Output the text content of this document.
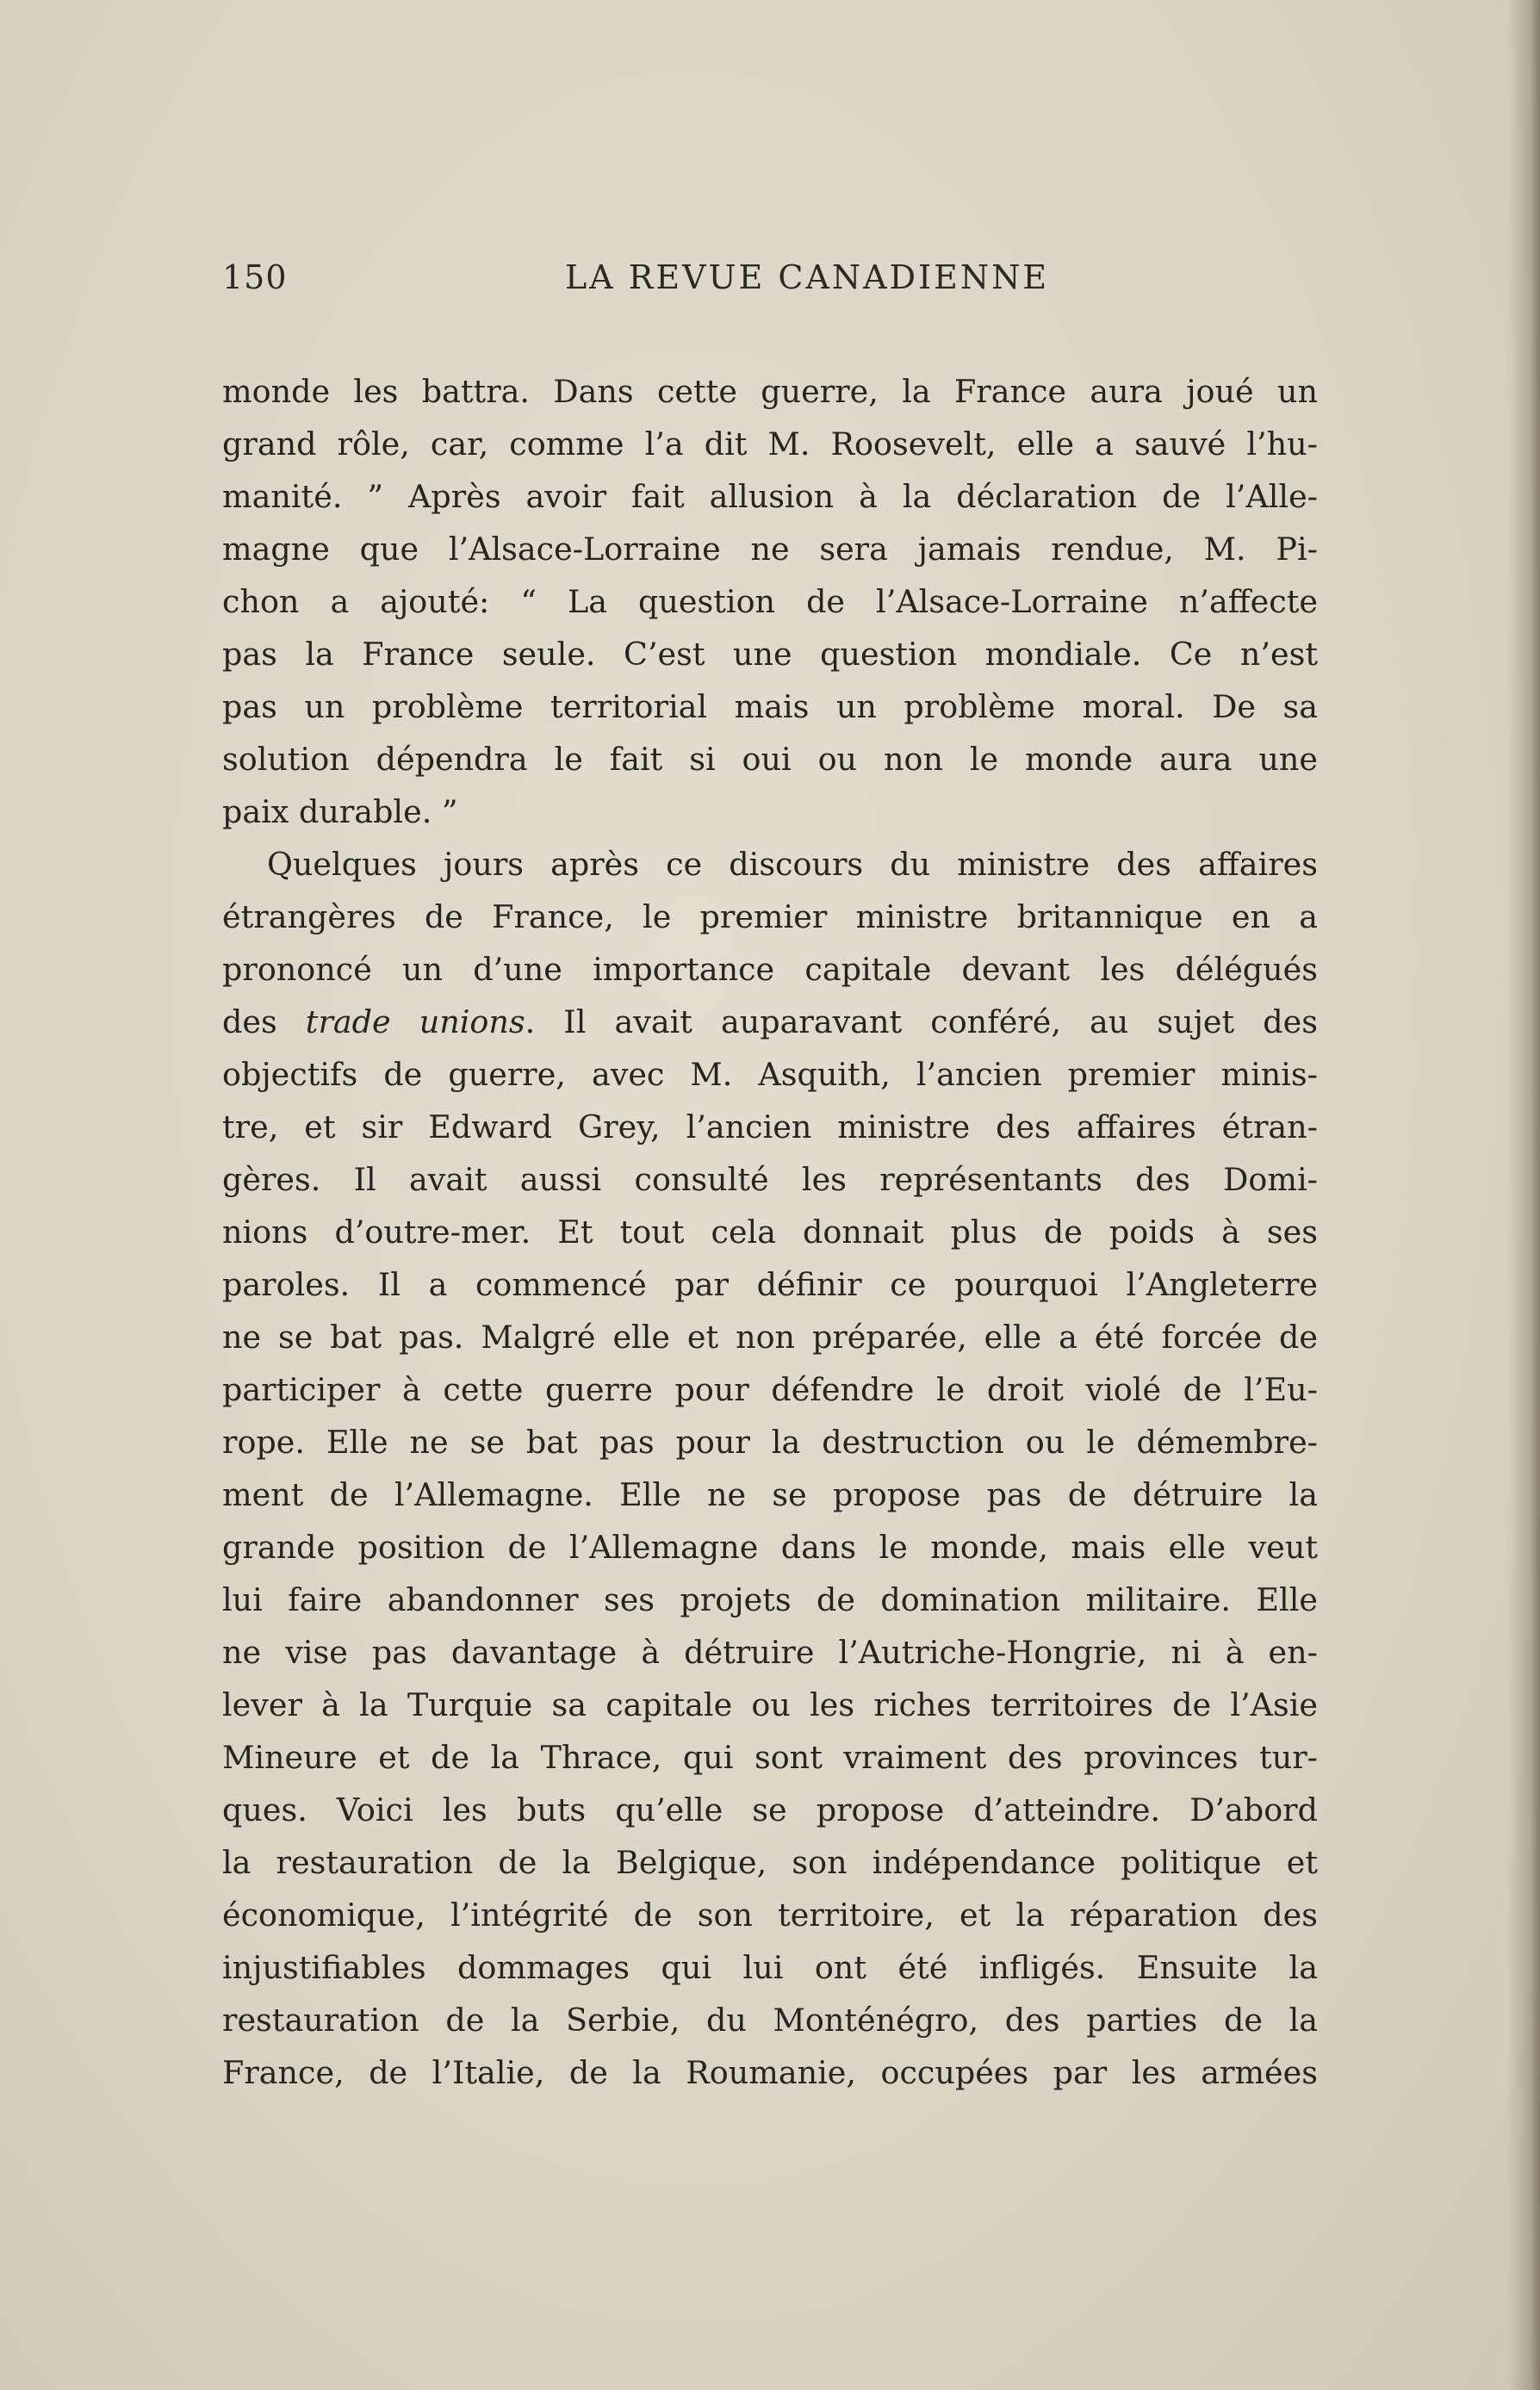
150	LA REVUE CANADIENNE
monde les battra. Dans cette guerre, la France aura joué un
grand rôle, car, comme l’a dit M. Roosevelt, elle a sauvé l’hu-
manité. ” Après avoir fait allusion à la déclaration de l’Alle-
magne que l’Alsace-Lorraine ne sera jamais rendue, M. Pi-
chon a ajouté: “ La question de l’Alsace-Lorraine n’affecte
pas la France seule. C’est une question mondiale. Ce n’est
pas un problème territorial mais un problème moral. De sa
solution dépendra le fait si oui ou non le monde aura une
paix durable. ”
Quelques jours après ce discours du ministre des affaires
étrangères de France, le premier ministre britannique en a
prononcé un d’une importance capitale devant les délégués
des trade unions. Il avait auparavant conféré, au sujet des
objectifs de guerre, avec M. Asquith, l’ancien premier minis-
tre, et sir Edward Grey, l’ancien ministre des affaires étran-
gères. Il avait aussi consulté les représentants des Domi-
nions d’outre-mer. Et tout cela donnait plus de poids à ses
paroles. Il a commencé par définir ce pourquoi l’Angleterre
ne se bat pas. Malgré elle et non préparée, elle a été forcée de
participer à cette guerre pour défendre le droit violé de l’Eu-
rope. Elle ne se bat pas pour la destruction ou le démembre-
ment de l’Allemagne. Elle ne se propose pas de détruire la
grande position de l’Allemagne dans le monde, mais elle veut
lui faire abandonner ses projets de domination militaire. Elle
ne vise pas davantage à détruire l’Autriche-Hongrie, ni à en-
lever à la Turquie sa capitale ou les riches territoires de l’Asie
Mineure et de la Thrace, qui sont vraiment des provinces tur-
ques. Voici les buts qu’elle se propose d’atteindre. D’abord
la restauration de la Belgique, son indépendance politique et
économique, l’intégrité de son territoire, et la réparation des
injustifiables dommages qui lui ont été infligés. Ensuite la
restauration de la Serbie, du Monténégro, des parties de la
France, de l’Italie, de la Roumanie, occupées par les armées
